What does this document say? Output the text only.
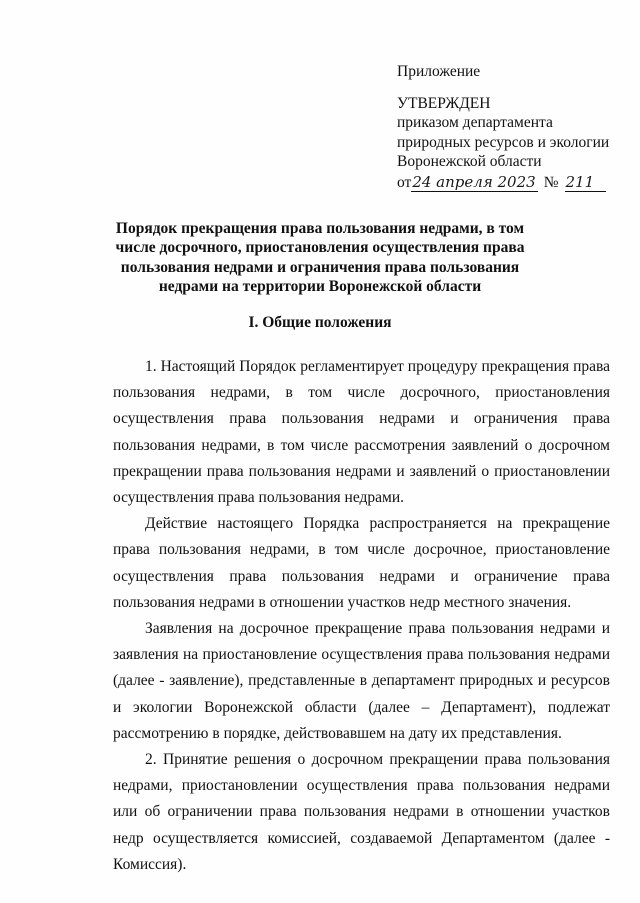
Приложение
УТВЕРЖДЕН
приказом департамента
природных ресурсов и экологии
Воронежской области
от 24 апреля 2023 № 211
Порядок прекращения права пользования недрами, в том числе досрочного, приостановления осуществления права пользования недрами и ограничения права пользования недрами на территории Воронежской области
I. Общие положения

1. Настоящий Порядок регламентирует процедуру прекращения права пользования недрами, в том числе досрочного, приостановления осуществления права пользования недрами и ограничения права пользования недрами, в том числе рассмотрения заявлений о досрочном прекращении права пользования недрами и заявлений о приостановлении осуществления права пользования недрами.

Действие настоящего Порядка распространяется на прекращение права пользования недрами, в том числе досрочное, приостановление осуществления права пользования недрами и ограничение права пользования недрами в отношении участков недр местного значения.

Заявления на досрочное прекращение права пользования недрами и заявления на приостановление осуществления права пользования недрами (далее - заявление), представленные в департамент природных и ресурсов и экологии Воронежской области (далее – Департамент), подлежат рассмотрению в порядке, действовавшем на дату их представления.

2. Принятие решения о досрочном прекращении права пользования недрами, приостановлении осуществления права пользования недрами или об ограничении права пользования недрами в отношении участков недр осуществляется комиссией, создаваемой Департаментом (далее - Комиссия).
